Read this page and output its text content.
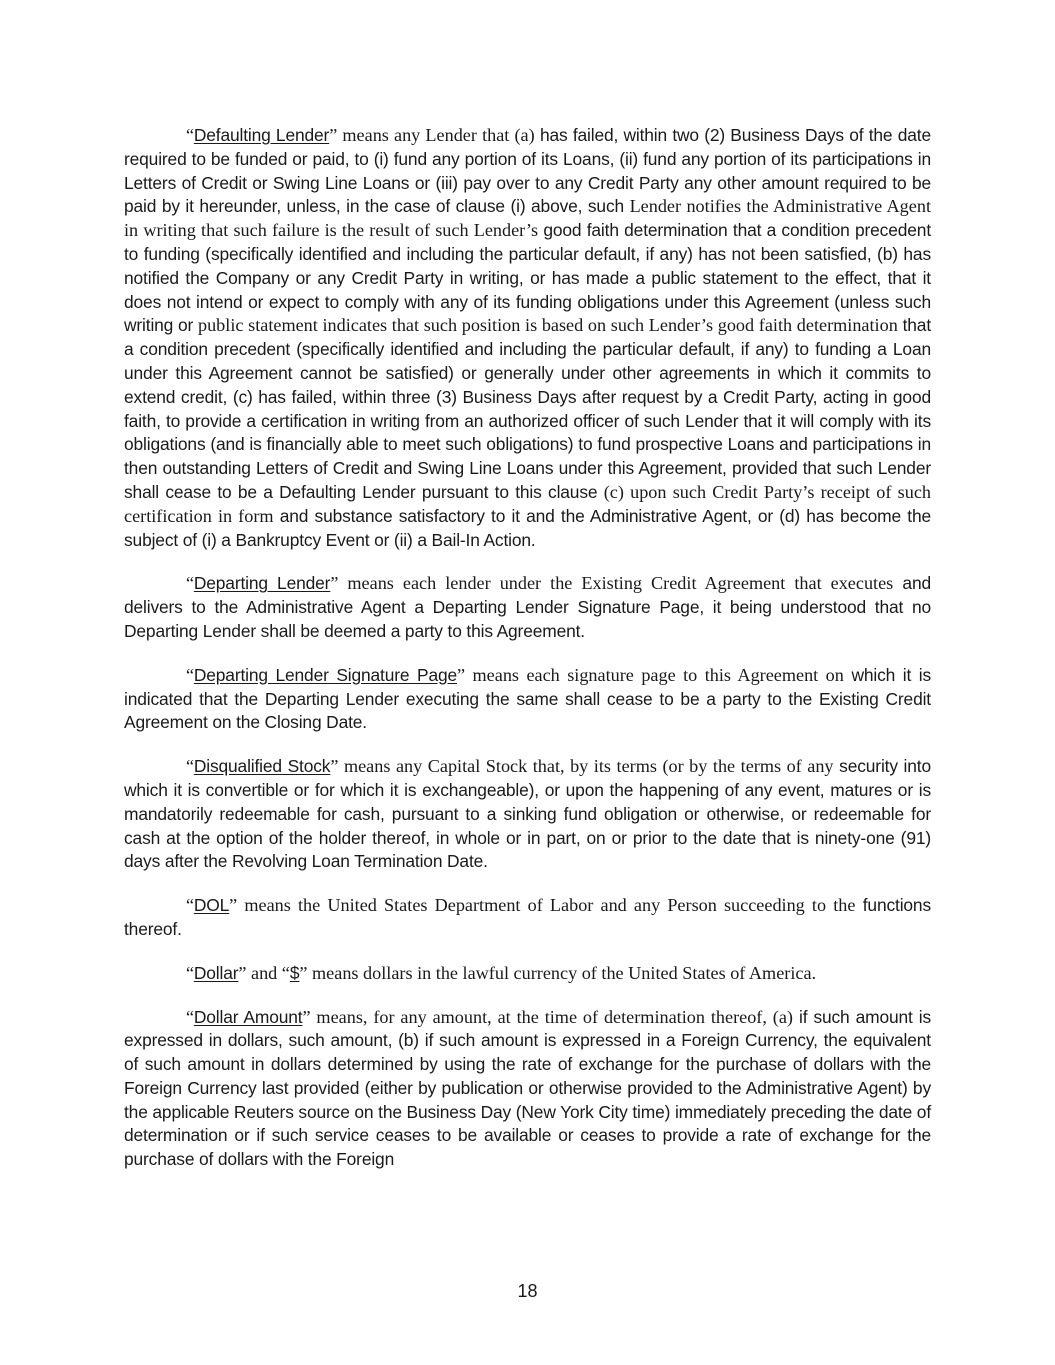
“Defaulting Lender” means any Lender that (a) has failed, within two (2) Business Days of the date required to be funded or paid, to (i) fund any portion of its Loans, (ii) fund any portion of its participations in Letters of Credit or Swing Line Loans or (iii) pay over to any Credit Party any other amount required to be paid by it hereunder, unless, in the case of clause (i) above, such Lender notifies the Administrative Agent in writing that such failure is the result of such Lender’s good faith determination that a condition precedent to funding (specifically identified and including the particular default, if any) has not been satisfied, (b) has notified the Company or any Credit Party in writing, or has made a public statement to the effect, that it does not intend or expect to comply with any of its funding obligations under this Agreement (unless such writing or public statement indicates that such position is based on such Lender’s good faith determination that a condition precedent (specifically identified and including the particular default, if any) to funding a Loan under this Agreement cannot be satisfied) or generally under other agreements in which it commits to extend credit, (c) has failed, within three (3) Business Days after request by a Credit Party, acting in good faith, to provide a certification in writing from an authorized officer of such Lender that it will comply with its obligations (and is financially able to meet such obligations) to fund prospective Loans and participations in then outstanding Letters of Credit and Swing Line Loans under this Agreement, provided that such Lender shall cease to be a Defaulting Lender pursuant to this clause (c) upon such Credit Party’s receipt of such certification in form and substance satisfactory to it and the Administrative Agent, or (d) has become the subject of (i) a Bankruptcy Event or (ii) a Bail-In Action.

“Departing Lender” means each lender under the Existing Credit Agreement that executes and delivers to the Administrative Agent a Departing Lender Signature Page, it being understood that no Departing Lender shall be deemed a party to this Agreement.

“Departing Lender Signature Page” means each signature page to this Agreement on which it is indicated that the Departing Lender executing the same shall cease to be a party to the Existing Credit Agreement on the Closing Date.

“Disqualified Stock” means any Capital Stock that, by its terms (or by the terms of any security into which it is convertible or for which it is exchangeable), or upon the happening of any event, matures or is mandatorily redeemable for cash, pursuant to a sinking fund obligation or otherwise, or redeemable for cash at the option of the holder thereof, in whole or in part, on or prior to the date that is ninety-one (91) days after the Revolving Loan Termination Date.

“DOL” means the United States Department of Labor and any Person succeeding to the functions thereof.

“Dollar” and “$” means dollars in the lawful currency of the United States of America.

“Dollar Amount” means, for any amount, at the time of determination thereof, (a) if such amount is expressed in dollars, such amount, (b) if such amount is expressed in a Foreign Currency, the equivalent of such amount in dollars determined by using the rate of exchange for the purchase of dollars with the Foreign Currency last provided (either by publication or otherwise provided to the Administrative Agent) by the applicable Reuters source on the Business Day (New York City time) immediately preceding the date of determination or if such service ceases to be available or ceases to provide a rate of exchange for the purchase of dollars with the Foreign

18
